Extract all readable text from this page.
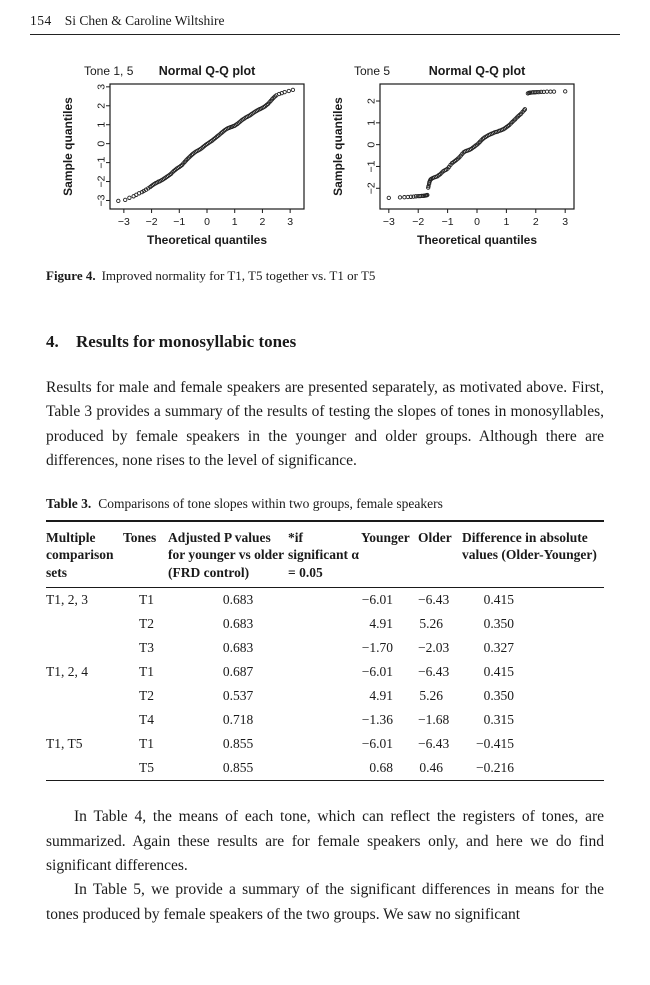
154 Si Chen & Caroline Wiltshire
Tone 1, 5 Normal Q-Q plot
−3 −2 −1 0 1 2 3
−3
−2
−1
0
1
2
3
Theoretical quantiles
Sample quantiles
Tone 5	Normal Q-Q plot
−3 −2 −1 0 1 2 3
−2
−1
0
1
2
Theoretical quantiles
Sample quantiles
Figure 4. Improved normality for T1, T5 together vs. T1 or T5
4. Results for monosyllabic tones

Results for male and female speakers are presented separately, as motivated above. First, Table 3 provides a summary of the results of testing the slopes of tones in monosyllables, produced by female speakers in the younger and older groups. Although there are differences, none rises to the level of significance.

Table 3. Comparisons of tone slopes within two groups, female speakers
Multiple comparison sets	Tones	Adjusted P values for younger vs older (FRD control)	*if significant α = 0.05	Younger	Older	Difference in absolute values (Older-Younger)
T1, 2, 3	T1	0.683		−6.01	−6.43	0.415
	T2	0.683		4.91	5.26	0.350
	T3	0.683		−1.70	−2.03	0.327
T1, 2, 4	T1	0.687		−6.01	−6.43	0.415
	T2	0.537		4.91	5.26	0.350
	T4	0.718		−1.36	−1.68	0.315
T1, T5	T1	0.855		−6.01	−6.43	−0.415
	T5	0.855		0.68	0.46	−0.216

In Table 4, the means of each tone, which can reflect the registers of tones, are summarized. Again these results are for female speakers only, and here we do find significant differences.

In Table 5, we provide a summary of the significant differences in means for the tones produced by female speakers of the two groups. We saw no significant
